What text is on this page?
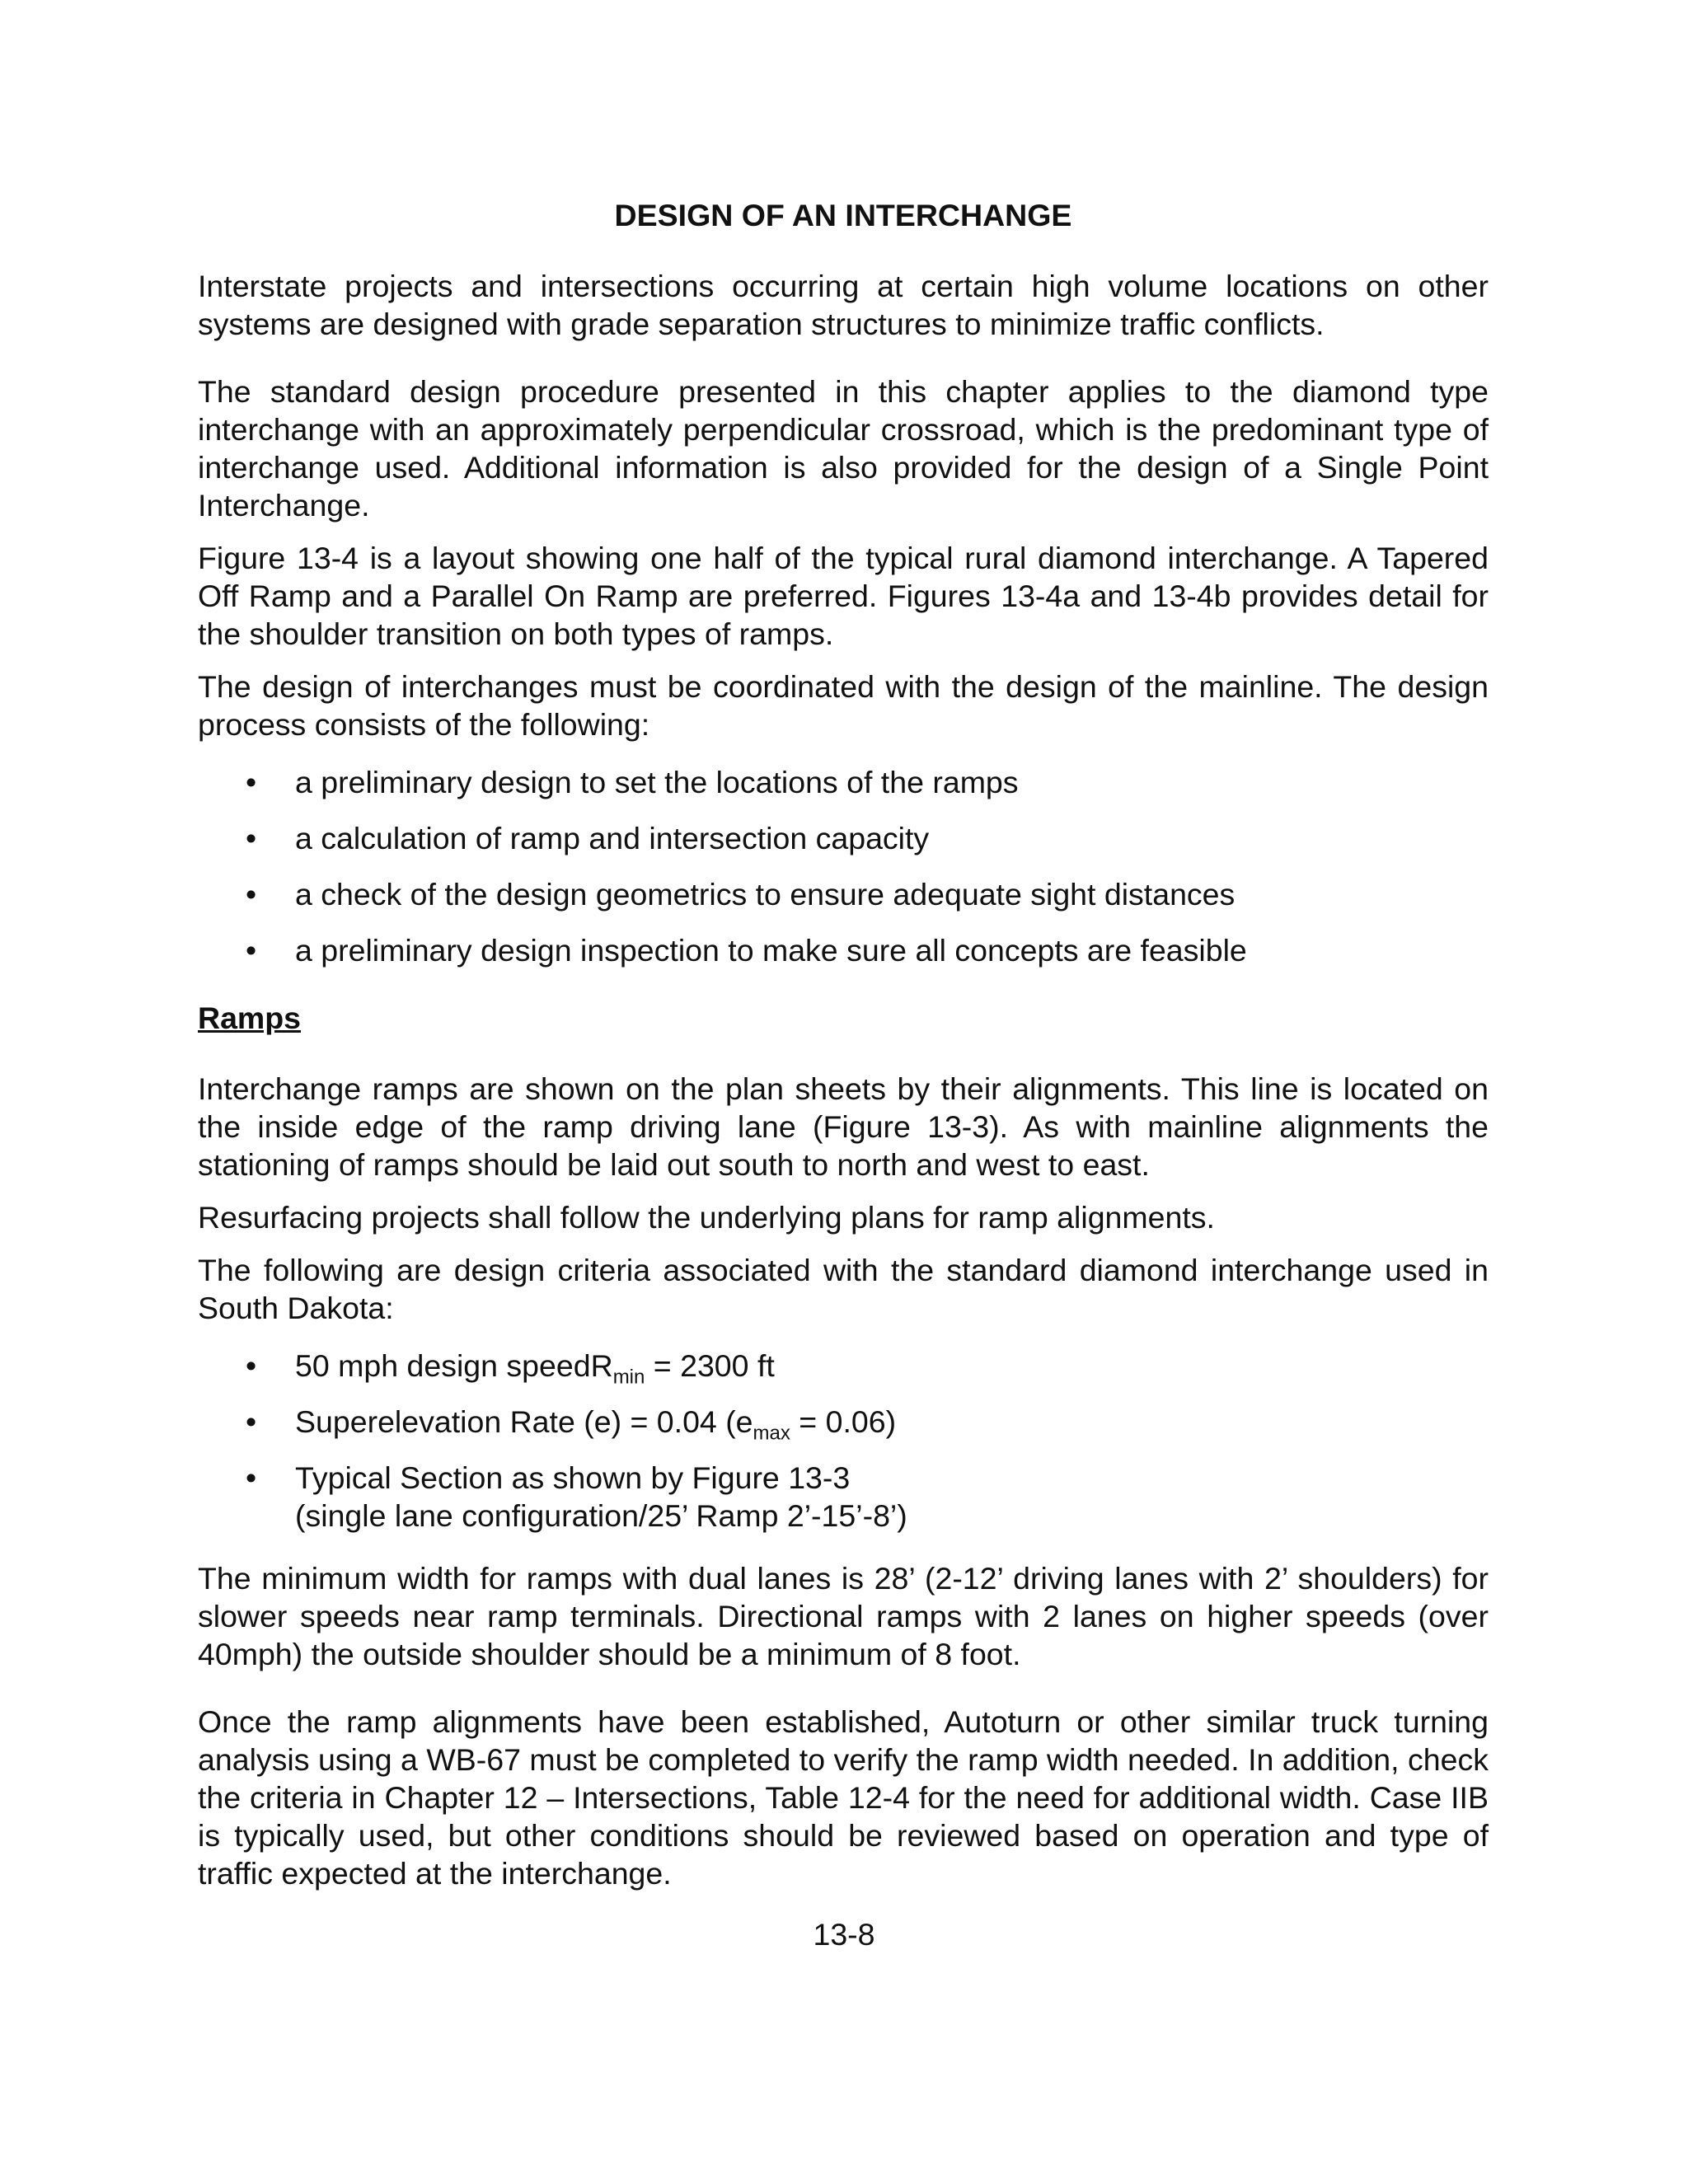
DESIGN OF AN INTERCHANGE

Interstate projects and intersections occurring at certain high volume locations on other systems are designed with grade separation structures to minimize traffic conflicts.

The standard design procedure presented in this chapter applies to the diamond type interchange with an approximately perpendicular crossroad, which is the predominant type of interchange used. Additional information is also provided for the design of a Single Point Interchange.

Figure 13-4 is a layout showing one half of the typical rural diamond interchange. A Tapered Off Ramp and a Parallel On Ramp are preferred. Figures 13-4a and 13-4b provides detail for the shoulder transition on both types of ramps.

The design of interchanges must be coordinated with the design of the mainline. The design process consists of the following:

• a preliminary design to set the locations of the ramps
• a calculation of ramp and intersection capacity
• a check of the design geometrics to ensure adequate sight distances
• a preliminary design inspection to make sure all concepts are feasible
Ramps

Interchange ramps are shown on the plan sheets by their alignments. This line is located on the inside edge of the ramp driving lane (Figure 13-3). As with mainline alignments the stationing of ramps should be laid out south to north and west to east.

Resurfacing projects shall follow the underlying plans for ramp alignments.

The following are design criteria associated with the standard diamond interchange used in South Dakota:

• 50 mph design speedR$_{min}$ = 2300 ft
• Superelevation Rate (e) = 0.04 $(e_{max} = 0.06)$
• Typical Section as shown by Figure 13-3
(single lane configuration/25’ Ramp 2’-15’-8’)

The minimum width for ramps with dual lanes is 28’ (2-12’ driving lanes with 2’ shoulders) for slower speeds near ramp terminals. Directional ramps with 2 lanes on higher speeds (over 40mph) the outside shoulder should be a minimum of 8 foot.

Once the ramp alignments have been established, Autoturn or other similar truck turning analysis using a WB-67 must be completed to verify the ramp width needed. In addition, check the criteria in Chapter 12 – Intersections, Table 12-4 for the need for additional width. Case IIB is typically used, but other conditions should be reviewed based on operation and type of traffic expected at the interchange.

13-8
